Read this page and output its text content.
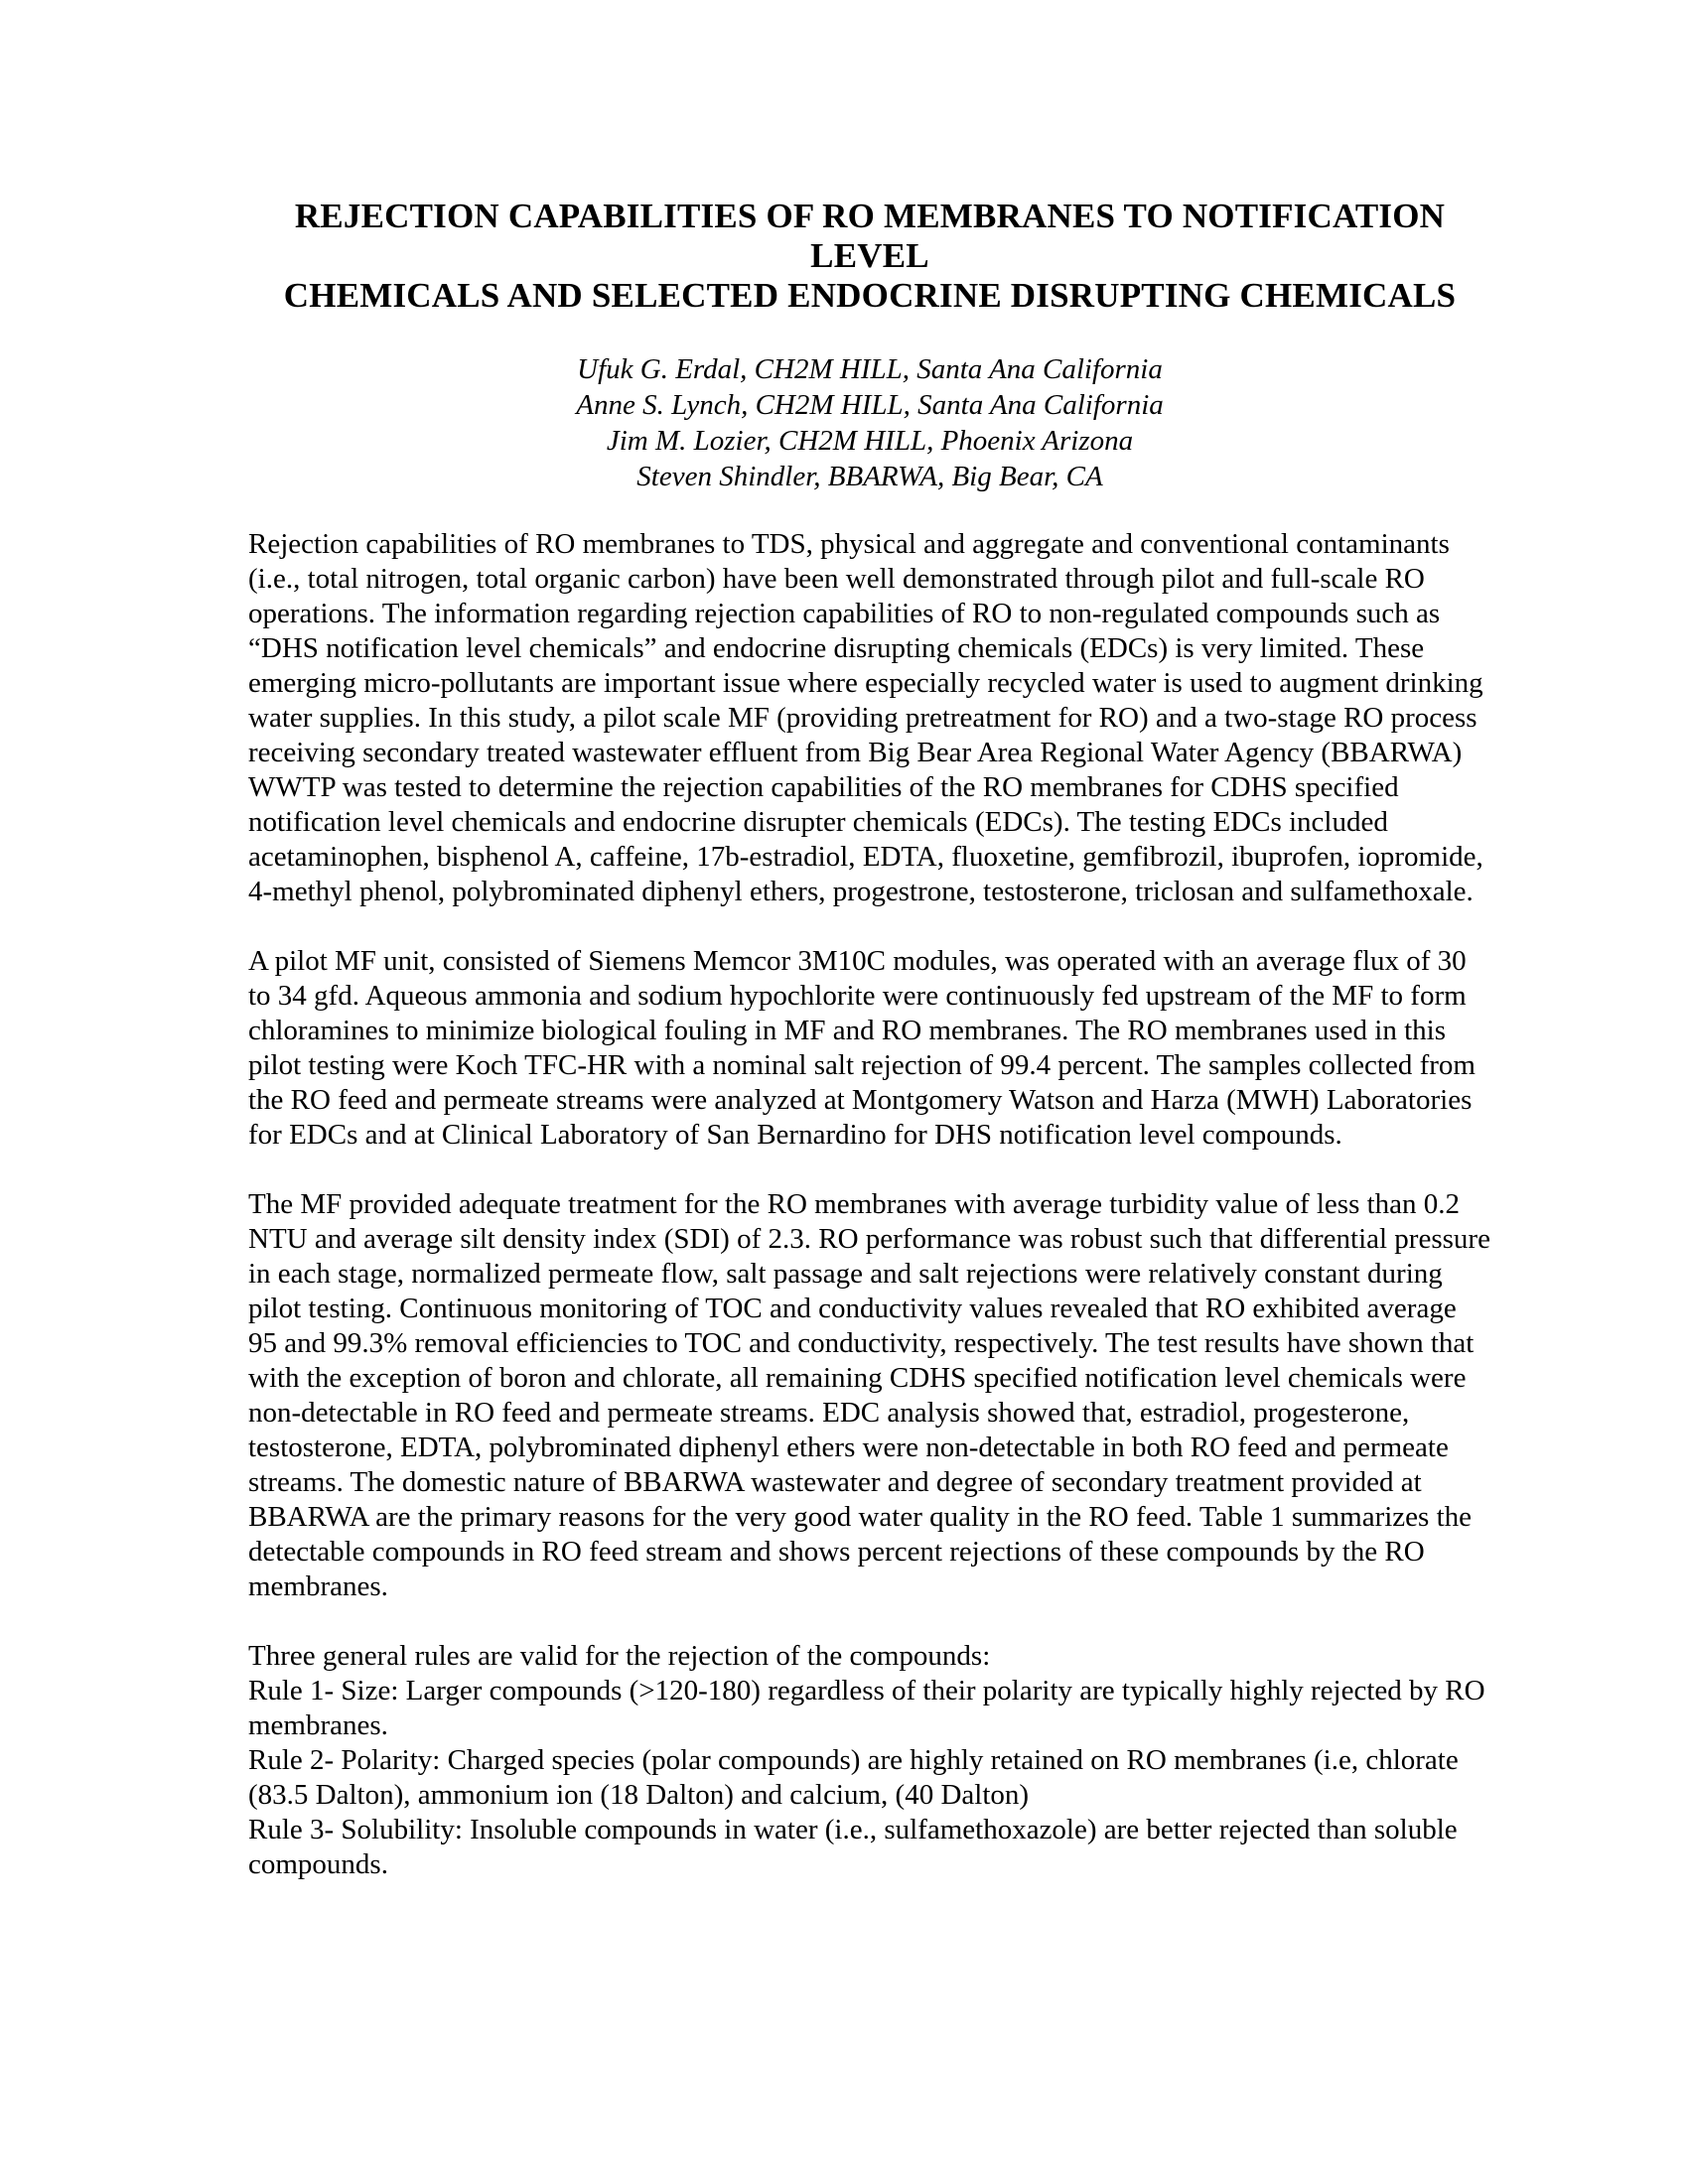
REJECTION CAPABILITIES OF RO MEMBRANES TO NOTIFICATION LEVEL
CHEMICALS AND SELECTED ENDOCRINE DISRUPTING CHEMICALS
Ufuk G. Erdal, CH2M HILL, Santa Ana California
Anne S. Lynch, CH2M HILL, Santa Ana California
Jim M. Lozier, CH2M HILL, Phoenix Arizona
Steven Shindler, BBARWA, Big Bear, CA

Rejection capabilities of RO membranes to TDS, physical and aggregate and conventional contaminants (i.e., total nitrogen, total organic carbon) have been well demonstrated through pilot and full-scale RO operations. The information regarding rejection capabilities of RO to non-regulated compounds such as “DHS notification level chemicals” and endocrine disrupting chemicals (EDCs) is very limited. These emerging micro-pollutants are important issue where especially recycled water is used to augment drinking water supplies. In this study, a pilot scale MF (providing pretreatment for RO) and a two-stage RO process receiving secondary treated wastewater effluent from Big Bear Area Regional Water Agency (BBARWA) WWTP was tested to determine the rejection capabilities of the RO membranes for CDHS specified notification level chemicals and endocrine disrupter chemicals (EDCs). The testing EDCs included acetaminophen, bisphenol A, caffeine, 17b-estradiol, EDTA, fluoxetine, gemfibrozil, ibuprofen, iopromide, 4-methyl phenol, polybrominated diphenyl ethers, progestrone, testosterone, triclosan and sulfamethoxale.

A pilot MF unit, consisted of Siemens Memcor 3M10C modules, was operated with an average flux of 30 to 34 gfd. Aqueous ammonia and sodium hypochlorite were continuously fed upstream of the MF to form chloramines to minimize biological fouling in MF and RO membranes. The RO membranes used in this pilot testing were Koch TFC-HR with a nominal salt rejection of 99.4 percent. The samples collected from the RO feed and permeate streams were analyzed at Montgomery Watson and Harza (MWH) Laboratories for EDCs and at Clinical Laboratory of San Bernardino for DHS notification level compounds.

The MF provided adequate treatment for the RO membranes with average turbidity value of less than 0.2 NTU and average silt density index (SDI) of 2.3. RO performance was robust such that differential pressure in each stage, normalized permeate flow, salt passage and salt rejections were relatively constant during pilot testing. Continuous monitoring of TOC and conductivity values revealed that RO exhibited average 95 and 99.3% removal efficiencies to TOC and conductivity, respectively. The test results have shown that with the exception of boron and chlorate, all remaining CDHS specified notification level chemicals were non-detectable in RO feed and permeate streams. EDC analysis showed that, estradiol, progesterone, testosterone, EDTA, polybrominated diphenyl ethers were non-detectable in both RO feed and permeate streams. The domestic nature of BBARWA wastewater and degree of secondary treatment provided at BBARWA are the primary reasons for the very good water quality in the RO feed. Table 1 summarizes the detectable compounds in RO feed stream and shows percent rejections of these compounds by the RO membranes.

Three general rules are valid for the rejection of the compounds:
Rule 1- Size: Larger compounds (>120-180) regardless of their polarity are typically highly rejected by RO membranes.
Rule 2- Polarity: Charged species (polar compounds) are highly retained on RO membranes (i.e, chlorate (83.5 Dalton), ammonium ion (18 Dalton) and calcium, (40 Dalton)
Rule 3- Solubility: Insoluble compounds in water (i.e., sulfamethoxazole) are better rejected than soluble compounds.
